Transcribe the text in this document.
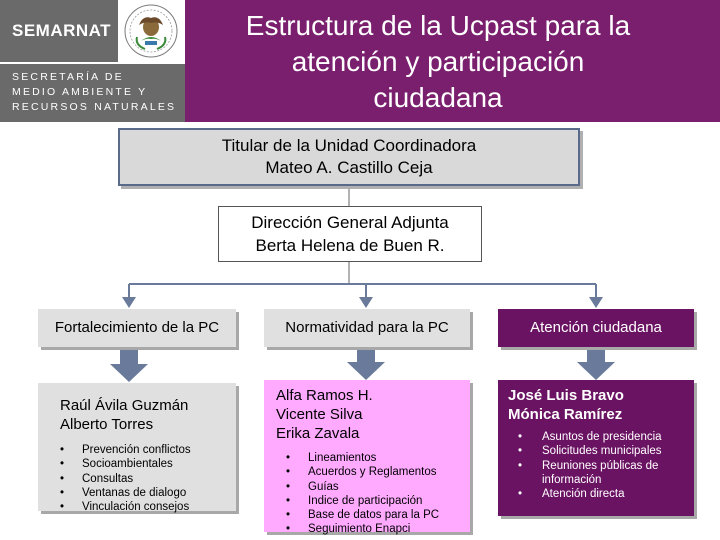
SEMARNAT
SECRETARÍA DE
MEDIO AMBIENTE Y
RECURSOS NATURALES
Estructura de la Ucpast para la
atención y participación
ciudadana
Titular de la Unidad Coordinadora
Mateo A. Castillo Ceja
Dirección General Adjunta
Berta Helena de Buen R.
Fortalecimiento de la PC	Normatividad para la PC	Atención ciudadana
Raúl Ávila Guzmán
Alberto Torres
• Prevención conflictos
• Socioambientales
• Consultas
• Ventanas de dialogo
• Vinculación consejos
Alfa Ramos H.
Vicente Silva
Erika Zavala
• Lineamientos
• Acuerdos y Reglamentos
• Guías
• Indice de participación
• Base de datos para la PC
• Seguimiento Enapci
José Luis Bravo
Mónica Ramírez
• Asuntos de presidencia
• Solicitudes municipales
• Reuniones públicas de información
• Atención directa
